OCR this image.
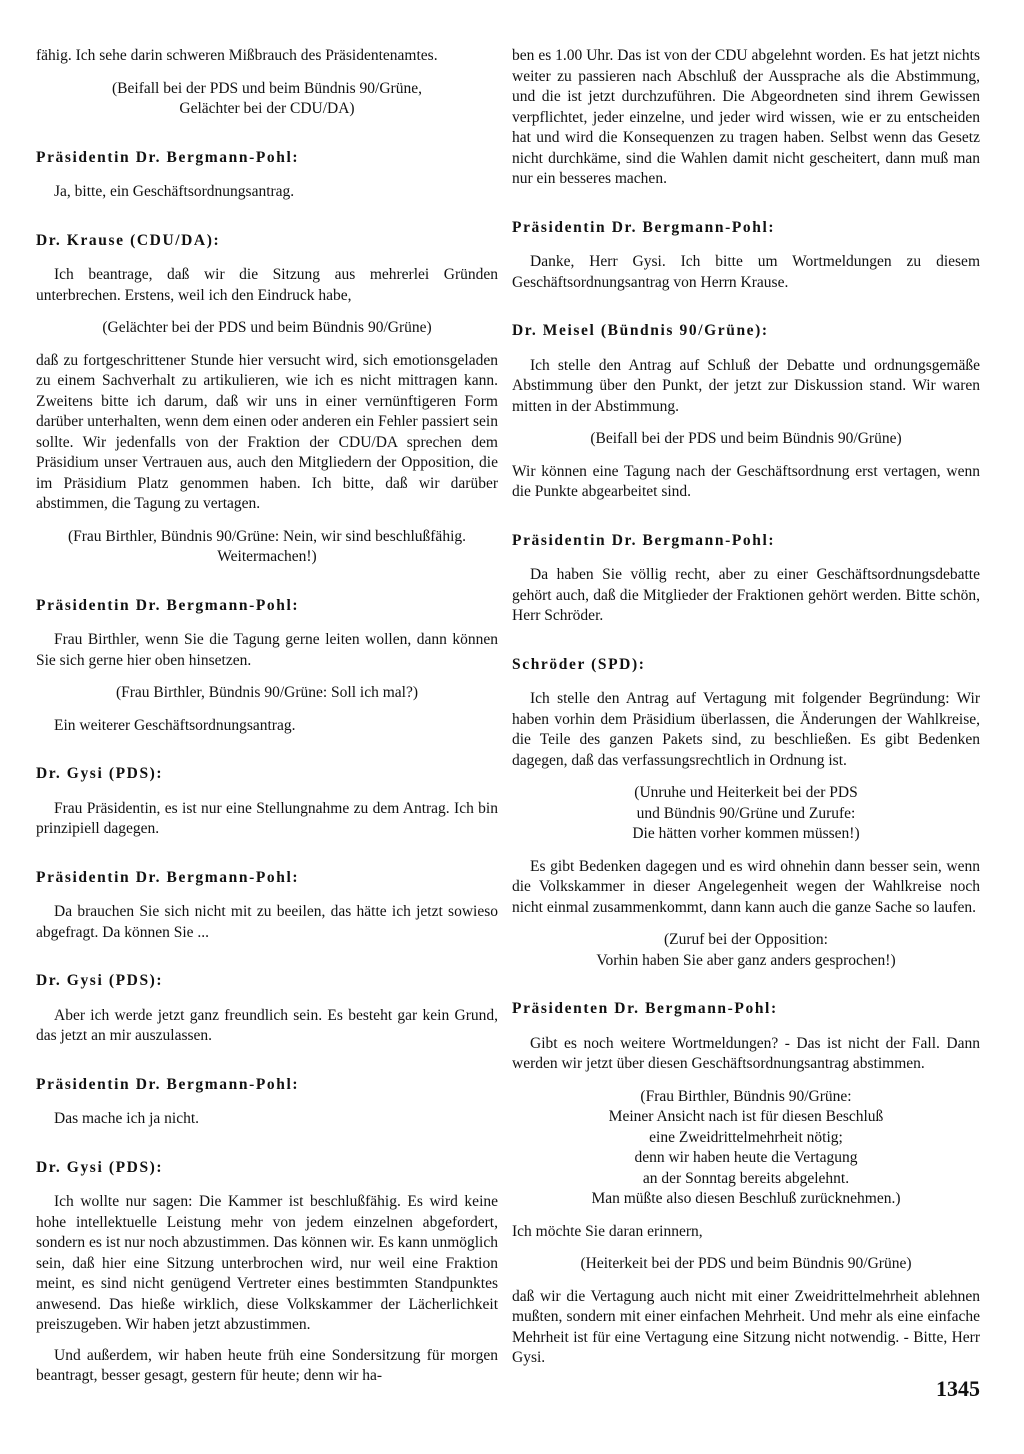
fähig. Ich sehe darin schweren Mißbrauch des Präsidentenamtes.

(Beifall bei der PDS und beim Bündnis 90/Grüne,
Gelächter bei der CDU/DA)
Präsidentin Dr. Bergmann-Pohl:

Ja, bitte, ein Geschäftsordnungsantrag.

Dr. Krause (CDU/DA):

Ich beantrage, daß wir die Sitzung aus mehrerlei Gründen unterbrechen. Erstens, weil ich den Eindruck habe,

(Gelächter bei der PDS und beim Bündnis 90/Grüne)

daß zu fortgeschrittener Stunde hier versucht wird, sich emotionsgeladen zu einem Sachverhalt zu artikulieren, wie ich es nicht mittragen kann. Zweitens bitte ich darum, daß wir uns in einer vernünftigeren Form darüber unterhalten, wenn dem einen oder anderen ein Fehler passiert sein sollte. Wir jedenfalls von der Fraktion der CDU/DA sprechen dem Präsidium unser Vertrauen aus, auch den Mitgliedern der Opposition, die im Präsidium Platz genommen haben. Ich bitte, daß wir darüber abstimmen, die Tagung zu vertagen.

(Frau Birthler, Bündnis 90/Grüne: Nein, wir sind beschlußfähig.
Weitermachen!)
Präsidentin Dr. Bergmann-Pohl:

Frau Birthler, wenn Sie die Tagung gerne leiten wollen, dann können Sie sich gerne hier oben hinsetzen.

(Frau Birthler, Bündnis 90/Grüne: Soll ich mal?)

Ein weiterer Geschäftsordnungsantrag.

Dr. Gysi (PDS):

Frau Präsidentin, es ist nur eine Stellungnahme zu dem Antrag. Ich bin prinzipiell dagegen.

Präsidentin Dr. Bergmann-Pohl:

Da brauchen Sie sich nicht mit zu beeilen, das hätte ich jetzt sowieso abgefragt. Da können Sie ...

Dr. Gysi (PDS):

Aber ich werde jetzt ganz freundlich sein. Es besteht gar kein Grund, das jetzt an mir auszulassen.

Präsidentin Dr. Bergmann-Pohl:

Das mache ich ja nicht.

Dr. Gysi (PDS):

Ich wollte nur sagen: Die Kammer ist beschlußfähig. Es wird keine hohe intellektuelle Leistung mehr von jedem einzelnen abgefordert, sondern es ist nur noch abzustimmen. Das können wir. Es kann unmöglich sein, daß hier eine Sitzung unterbrochen wird, nur weil eine Fraktion meint, es sind nicht genügend Vertreter eines bestimmten Standpunktes anwesend. Das hieße wirklich, diese Volkskammer der Lächerlichkeit preiszugeben. Wir haben jetzt abzustimmen.

Und außerdem, wir haben heute früh eine Sondersitzung für morgen beantragt, besser gesagt, gestern für heute; denn wir ha-

ben es 1.00 Uhr. Das ist von der CDU abgelehnt worden. Es hat jetzt nichts weiter zu passieren nach Abschluß der Aussprache als die Abstimmung, und die ist jetzt durchzuführen. Die Abgeordneten sind ihrem Gewissen verpflichtet, jeder einzelne, und jeder wird wissen, wie er zu entscheiden hat und wird die Konsequenzen zu tragen haben. Selbst wenn das Gesetz nicht durchkäme, sind die Wahlen damit nicht gescheitert, dann muß man nur ein besseres machen.

Präsidentin Dr. Bergmann-Pohl:

Danke, Herr Gysi. Ich bitte um Wortmeldungen zu diesem Geschäftsordnungsantrag von Herrn Krause.

Dr. Meisel (Bündnis 90/Grüne):

Ich stelle den Antrag auf Schluß der Debatte und ordnungsgemäße Abstimmung über den Punkt, der jetzt zur Diskussion stand. Wir waren mitten in der Abstimmung.

(Beifall bei der PDS und beim Bündnis 90/Grüne)

Wir können eine Tagung nach der Geschäftsordnung erst vertagen, wenn die Punkte abgearbeitet sind.

Präsidentin Dr. Bergmann-Pohl:

Da haben Sie völlig recht, aber zu einer Geschäftsordnungsdebatte gehört auch, daß die Mitglieder der Fraktionen gehört werden. Bitte schön, Herr Schröder.

Schröder (SPD):

Ich stelle den Antrag auf Vertagung mit folgender Begründung: Wir haben vorhin dem Präsidium überlassen, die Änderungen der Wahlkreise, die Teile des ganzen Pakets sind, zu beschließen. Es gibt Bedenken dagegen, daß das verfassungsrechtlich in Ordnung ist.

(Unruhe und Heiterkeit bei der PDS
und Bündnis 90/Grüne und Zurufe:
Die hätten vorher kommen müssen!)

Es gibt Bedenken dagegen und es wird ohnehin dann besser sein, wenn die Volkskammer in dieser Angelegenheit wegen der Wahlkreise noch nicht einmal zusammenkommt, dann kann auch die ganze Sache so laufen.

(Zuruf bei der Opposition:
Vorhin haben Sie aber ganz anders gesprochen!)
Präsidenten Dr. Bergmann-Pohl:

Gibt es noch weitere Wortmeldungen? - Das ist nicht der Fall. Dann werden wir jetzt über diesen Geschäftsordnungsantrag abstimmen.

(Frau Birthler, Bündnis 90/Grüne:
Meiner Ansicht nach ist für diesen Beschluß
eine Zweidrittelmehrheit nötig;
denn wir haben heute die Vertagung
an der Sonntag bereits abgelehnt.
Man müßte also diesen Beschluß zurücknehmen.)

Ich möchte Sie daran erinnern,

(Heiterkeit bei der PDS und beim Bündnis 90/Grüne)

daß wir die Vertagung auch nicht mit einer Zweidrittelmehrheit ablehnen mußten, sondern mit einer einfachen Mehrheit. Und mehr als eine einfache Mehrheit ist für eine Vertagung eine Sitzung nicht notwendig. - Bitte, Herr Gysi.

1345
